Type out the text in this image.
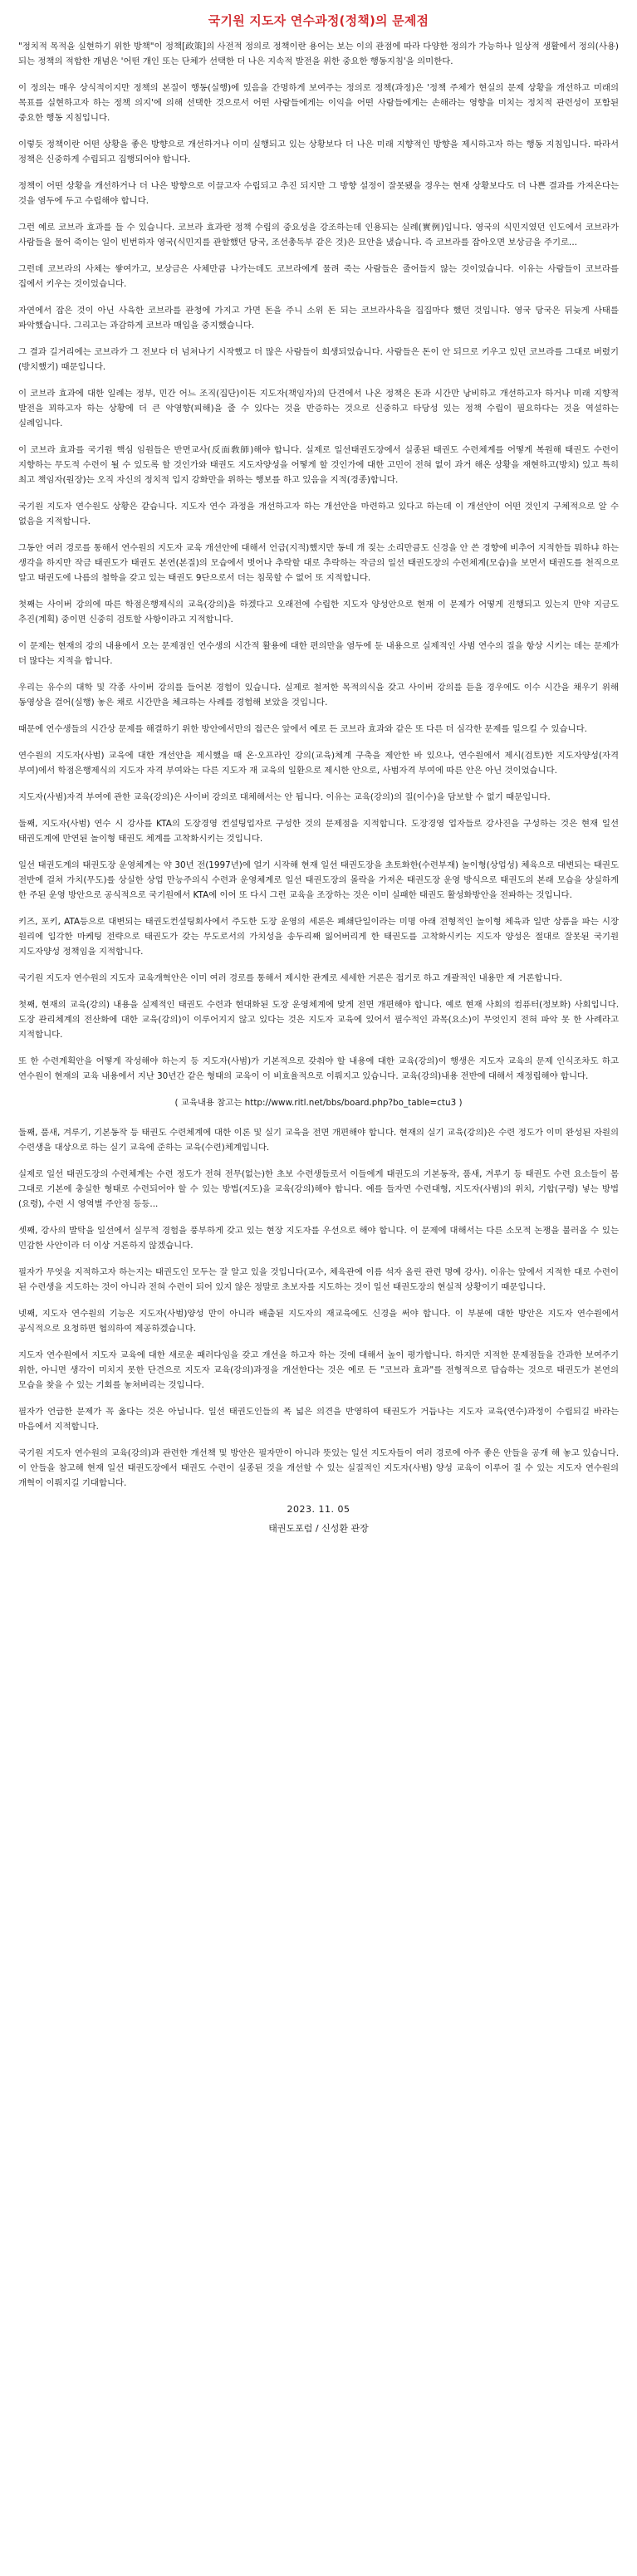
국기원 지도자 연수과정(정책)의 문제점

"정치적 목적을 실현하기 위한 방책"이 정책[政策]의 사전적 정의로 정책이란 용어는 보는 이의 관점에 따라 다양한 정의가 가능하나 일상적 생활에서 정의(사용)되는 정책의 적합한 개념은 '어떤 개인 또는 단체가 선택한 더 나은 지속적 발전을 위한 중요한 행동지침'을 의미한다.

이 정의는 매우 상식적이지만 정책의 본질이 행동(실행)에 있음을 간명하게 보여주는 정의로 정책(과정)은 '정책 주체가 현실의 문제 상황을 개선하고 미래의 목표를 실현하고자 하는 정책 의지'에 의해 선택한 것으로서 어떤 사람들에게는 이익을 어떤 사람들에게는 손해라는 영향을 미치는 정치적 관련성이 포함된 중요한 행동 지침입니다.

이렇듯 정책이란 어떤 상황을 좋은 방향으로 개선하거나 이미 실행되고 있는 상황보다 더 나은 미래 지향적인 방향을 제시하고자 하는 행동 지침입니다. 따라서 정책은 신중하게 수립되고 집행되어야 합니다.

정책이 어떤 상황을 개선하거나 더 나은 방향으로 이끌고자 수립되고 추진 되지만 그 방향 설정이 잘못됐을 경우는 현재 상황보다도 더 나쁜 결과를 가져온다는 것을 염두에 두고 수립해야 합니다.

그런 예로 코브라 효과를 들 수 있습니다. 코브라 효과란 정책 수립의 중요성을 강조하는데 인용되는 실례(實例)입니다. 영국의 식민지였던 인도에서 코브라가 사람들을 물어 죽이는 일이 빈번하자 영국(식민지를 관할했던 당국, 조선총독부 같은 것)은 묘안을 냈습니다. 즉 코브라를 잡아오면 보상금을 주기로...

그런데 코브라의 사체는 쌓여가고, 보상금은 사체만큼 나가는데도 코브라에게 물려 죽는 사람들은 줄어들지 않는 것이었습니다. 이유는 사람들이 코브라를 집에서 키우는 것이었습니다.

자연에서 잡은 것이 아닌 사육한 코브라를 관청에 가지고 가면 돈을 주니 소위 돈 되는 코브라사육을 집집마다 했던 것입니다. 영국 당국은 뒤늦게 사태를 파악했습니다. 그리고는 과감하게 코브라 매입을 중지했습니다.

그 결과 길거리에는 코브라가 그 전보다 더 넘쳐나기 시작했고 더 많은 사람들이 희생되었습니다. 사람들은 돈이 안 되므로 키우고 있던 코브라를 그대로 버렸기(방치했기) 때문입니다.

이 코브라 효과에 대한 일례는 정부, 민간 어느 조직(집단)이든 지도자(책임자)의 단견에서 나온 정책은 돈과 시간만 낭비하고 개선하고자 하거나 미래 지향적 발전을 꾀하고자 하는 상황에 더 큰 악영향(피해)을 줄 수 있다는 것을 반증하는 것으로 신중하고 타당성 있는 정책 수립이 필요하다는 것을 역설하는 실례입니다.

이 코브라 효과를 국기원 핵심 임원들은 반면교사(反面敎師)해야 합니다. 실제로 일선태권도장에서 실종된 태권도 수련체계를 어떻게 복원해 태권도 수련이 지향하는 무도적 수련이 될 수 있도록 할 것인가와 태권도 지도자양성을 어떻게 할 것인가에 대한 고민이 전혀 없이 과거 해온 상황을 재현하고(방치) 있고 특히 최고 책임자(원장)는 오직 자신의 정치적 입지 강화만을 위하는 행보를 하고 있음을 지적(경종)합니다.

국기원 지도자 연수원도 상황은 같습니다. 지도자 연수 과정을 개선하고자 하는 개선안을 마련하고 있다고 하는데 이 개선안이 어떤 것인지 구체적으로 알 수 없음을 지적합니다.

그동안 여러 경로를 통해서 연수원의 지도자 교육 개선안에 대해서 언급(지적)했지만 동네 개 짖는 소리만큼도 신경을 안 쓴 경향에 비추어 지적한들 뭐하냐 하는 생각을 하지만 작금 태권도가 태권도 본연(본질)의 모습에서 벗어나 추락할 대로 추락하는 작금의 일선 태권도장의 수련체계(모습)을 보면서 태권도를 천직으로 알고 태권도에 나름의 철학을 갖고 있는 태권도 9단으로서 더는 침묵할 수 없어 또 지적합니다.

첫째는 사이버 강의에 따른 학점은행제식의 교육(강의)을 하겠다고 오래전에 수립한 지도자 양성안으로 현재 이 문제가 어떻게 진행되고 있는지 만약 지금도 추진(계획) 중이면 신중히 검토할 사항이라고 지적합니다.

이 문제는 현재의 강의 내용에서 오는 문제점인 연수생의 시간적 활용에 대한 편의만을 염두에 둔 내용으로 실제적인 사범 연수의 질을 항상 시키는 데는 문제가 더 많다는 지적을 합니다.

우리는 유수의 대학 및 각종 사이버 강의를 들어본 경험이 있습니다. 실제로 철저한 목적의식을 갖고 사이버 강의를 듣을 경우에도 이수 시간을 채우기 위해 동영상을 걸어(실행) 놓은 채로 시간만을 체크하는 사례를 경험해 보았을 것입니다.

때문에 연수생들의 시간상 문제를 해결하기 위한 방안에서만의 접근은 앞에서 예로 든 코브라 효과와 같은 또 다른 더 심각한 문제를 일으킬 수 있습니다.

연수원의 지도자(사범) 교육에 대한 개선안을 제시했을 때 온·오프라인 강의(교육)체계 구축을 제안한 바 있으나, 연수원에서 제시(검토)한 지도자양성(자격 부여)에서 학점은행제식의 지도자 자격 부여와는 다른 지도자 재 교육의 일환으로 제시한 안으로, 사범자격 부여에 따른 안은 아닌 것이었습니다.

지도자(사범)자격 부여에 관한 교육(강의)은 사이버 강의로 대체해서는 안 됩니다. 이유는 교육(강의)의 질(이수)을 담보할 수 없기 때문입니다.

둘째, 지도자(사범) 연수 시 강사를 KTA의 도장경영 컨설팅업자로 구성한 것의 문제점을 지적합니다. 도장경영 업자들로 강사진을 구성하는 것은 현재 일선 태권도계에 만연된 놀이형 태권도 체계를 고착화시키는 것입니다.

일선 태권도계의 태권도장 운영체계는 약 30년 전(1997년)에 얼기 시작해 현재 일선 태권도장을 초토화한(수련부재) 놀이형(상업성) 체육으로 대변되는 태권도 전반에 걸쳐 가치(무도)를 상실한 상업 만능주의식 수련과 운영체계로 일선 태권도장의 몰락을 가져온 태권도장 운영 방식으로 태권도의 본래 모습을 상실하게 한 주된 운영 방안으로 공식적으로 국기원에서 KTA에 이어 또 다시 그런 교육을 조장하는 것은 이미 실패한 태권도 활성화방안을 전파하는 것입니다.

키즈, 포키, ATA등으로 대변되는 태권도컨설팅회사에서 주도한 도장 운영의 세론은 폐쇄단일이라는 미명 아래 전형적인 놀이형 체육과 일반 상품을 파는 시장 원리에 입각한 마케팅 전략으로 태권도가 갖는 무도로서의 가치성을 송두리째 잃어버리게 한 태권도를 고착화시키는 지도자 양성은 절대로 잘못된 국기원 지도자양성 정책임을 지적합니다.

국기원 지도자 연수원의 지도자 교육개혁안은 이미 여러 경로를 통해서 제시한 관계로 세세한 거론은 접기로 하고 개괄적인 내용만 재 거론합니다.

첫째, 현재의 교육(강의) 내용을 실제적인 태권도 수련과 현대화된 도장 운영체계에 맞게 전면 개편해야 합니다. 예로 현재 사회의 컴퓨터(정보화) 사회입니다. 도장 관리체계의 전산화에 대한 교육(강의)이 이루어지지 않고 있다는 것은 지도자 교육에 있어서 필수적인 과목(요소)이 무엇인지 전혀 파악 못 한 사례라고 지적합니다.

또 한 수련계획안을 어떻게 작성해야 하는지 등 지도자(사범)가 기본적으로 갖춰야 할 내용에 대한 교육(강의)이 행생은 지도자 교육의 문제 인식조차도 하고 연수원이 현재의 교육 내용에서 지난 30년간 같은 형태의 교육이 이 비효율적으로 이뤄지고 있습니다. 교육(강의)내용 전반에 대해서 재정립해야 합니다.

( 교육내용 참고는 http://www.ritl.net/bbs/board.php?bo_table=ctu3 )

둘째, 품새, 겨루기, 기본동작 등 태권도 수련체계에 대한 이론 및 실기 교육을 전면 개편해야 합니다. 현재의 실기 교육(강의)은 수련 정도가 이미 완성된 자원의 수련생을 대상으로 하는 실기 교육에 준하는 교육(수련)체계입니다.

실제로 일선 태권도장의 수련체계는 수련 정도가 전혀 전무(없는)한 초보 수련생들로서 이들에게 태권도의 기본동작, 품새, 겨루기 등 태권도 수련 요소들이 몸 그대로 기본에 충실한 형태로 수련되어야 할 수 있는 방법(지도)을 교육(강의)해야 합니다. 예를 들자면 수련대형, 지도자(사범)의 위치, 기합(구령) 넣는 방법(요령), 수련 시 영역별 주안점 등등...

셋째, 강사의 발탁을 일선에서 실무적 경험을 풍부하게 갖고 있는 현장 지도자를 우선으로 해야 합니다. 이 문제에 대해서는 다른 소모적 논쟁을 불러올 수 있는 민감한 사안이라 더 이상 거론하지 않겠습니다.

필자가 무엇을 지적하고자 하는지는 태권도인 모두는 잘 알고 있을 것입니다(교수, 체육관에 이름 석자 올린 관련 명예 강사). 이유는 앞에서 지적한 대로 수련이 된 수련생을 지도하는 것이 아니라 전혀 수련이 되어 있지 않은 정말로 초보자를 지도하는 것이 일선 태권도장의 현실적 상황이기 때문입니다.

넷째, 지도자 연수원의 기능은 지도자(사범)양성 만이 아니라 배출된 지도자의 재교육에도 신경을 써야 합니다. 이 부분에 대한 방안은 지도자 연수원에서 공식적으로 요청하면 협의하여 제공하겠습니다.

지도자 연수원에서 지도자 교육에 대한 새로운 패러다임을 갖고 개선을 하고자 하는 것에 대해서 높이 평가합니다. 하지만 지적한 문제점들을 간과한 보여주기 위한, 아니면 생각이 미치지 못한 단견으로 지도자 교육(강의)과정을 개선한다는 것은 예로 든 "코브라 효과"를 전형적으로 답습하는 것으로 태권도가 본연의 모습을 찾을 수 있는 기회를 놓쳐버리는 것입니다.

필자가 언급한 문제가 꼭 옳다는 것은 아닙니다. 일선 태권도인들의 폭 넓은 의견을 반영하여 태권도가 거듭나는 지도자 교육(연수)과정이 수립되길 바라는 마음에서 지적합니다.

국기원 지도자 연수원의 교육(강의)과 관련한 개선책 및 방안은 필자만이 아니라 뜻있는 일선 지도자들이 여러 경로에 아주 좋은 안들을 공개 해 놓고 있습니다. 이 안들을 참고해 현재 일선 태권도장에서 태권도 수련이 실종된 것을 개선할 수 있는 실질적인 지도자(사범) 양성 교육이 이루어 질 수 있는 지도자 연수원의 개혁이 이뤄지길 기대합니다.

2023. 11. 05

태권도포럼 / 신성환 관장
